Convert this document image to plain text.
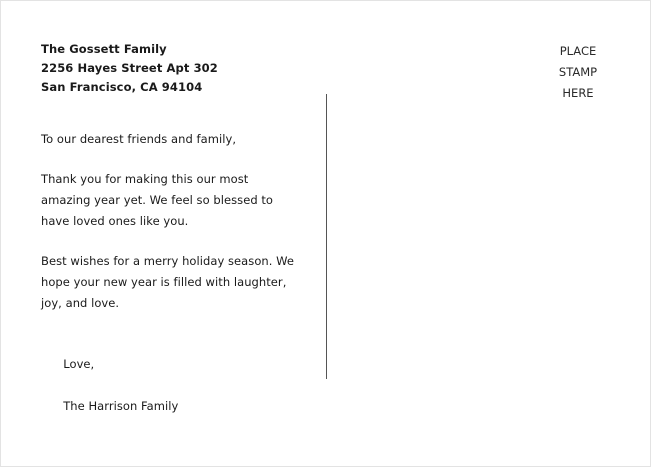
The Gossett Family
2256 Hayes Street Apt 302
San Francisco, CA 94104
PLACE
STAMP
HERE

To our dearest friends and family,

Thank you for making this our most amazing year yet. We feel so blessed to have loved ones like you.

Best wishes for a merry holiday season. We hope your new year is filled with laughter, joy, and love.

Love,

The Harrison Family
